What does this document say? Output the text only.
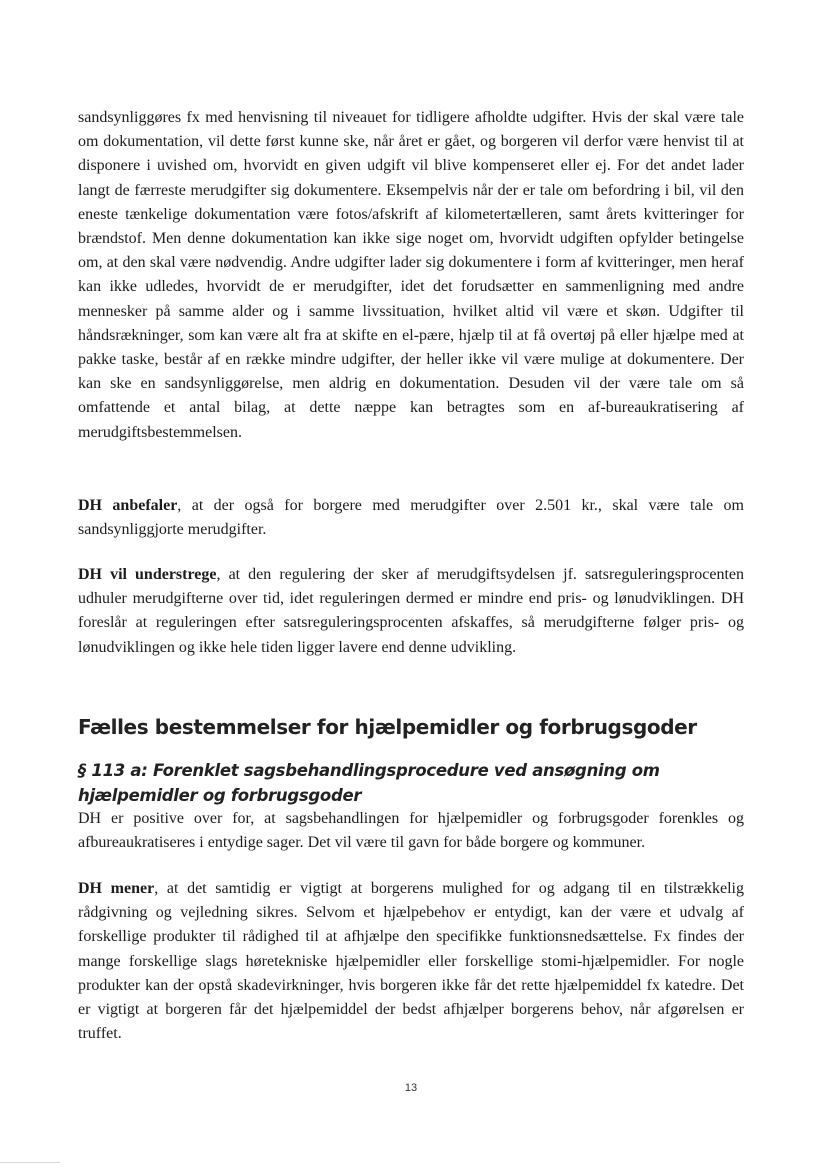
sandsynliggøres fx med henvisning til niveauet for tidligere afholdte udgifter. Hvis der skal være tale om dokumentation, vil dette først kunne ske, når året er gået, og borgeren vil derfor være henvist til at disponere i uvished om, hvorvidt en given udgift vil blive kompenseret eller ej. For det andet lader langt de færreste merudgifter sig dokumentere. Eksempelvis når der er tale om befordring i bil, vil den eneste tænkelige dokumentation være fotos/afskrift af kilometertælleren, samt årets kvitteringer for brændstof. Men denne dokumentation kan ikke sige noget om, hvorvidt udgiften opfylder betingelse om, at den skal være nødvendig. Andre udgifter lader sig dokumentere i form af kvitteringer, men heraf kan ikke udledes, hvorvidt de er merudgifter, idet det forudsætter en sammenligning med andre mennesker på samme alder og i samme livssituation, hvilket altid vil være et skøn. Udgifter til håndsrækninger, som kan være alt fra at skifte en el-pære, hjælp til at få overtøj på eller hjælpe med at pakke taske, består af en række mindre udgifter, der heller ikke vil være mulige at dokumentere. Der kan ske en sandsynliggørelse, men aldrig en dokumentation. Desuden vil der være tale om så omfattende et antal bilag, at dette næppe kan betragtes som en af-bureaukratisering af merudgiftsbestemmelsen.

DH anbefaler, at der også for borgere med merudgifter over 2.501 kr., skal være tale om sandsynliggjorte merudgifter.

DH vil understrege, at den regulering der sker af merudgiftsydelsen jf. satsreguleringsprocenten udhuler merudgifterne over tid, idet reguleringen dermed er mindre end pris- og lønudviklingen. DH foreslår at reguleringen efter satsreguleringsprocenten afskaffes, så merudgifterne følger pris- og lønudviklingen og ikke hele tiden ligger lavere end denne udvikling.

Fælles bestemmelser for hjælpemidler og forbrugsgoder
§ 113 a: Forenklet sagsbehandlingsprocedure ved ansøgning om hjælpemidler og forbrugsgoder

DH er positive over for, at sagsbehandlingen for hjælpemidler og forbrugsgoder forenkles og afbureaukratiseres i entydige sager. Det vil være til gavn for både borgere og kommuner.

DH mener, at det samtidig er vigtigt at borgerens mulighed for og adgang til en tilstrækkelig rådgivning og vejledning sikres. Selvom et hjælpebehov er entydigt, kan der være et udvalg af forskellige produkter til rådighed til at afhjælpe den specifikke funktionsnedsættelse. Fx findes der mange forskellige slags høretekniske hjælpemidler eller forskellige stomi-hjælpemidler. For nogle produkter kan der opstå skadevirkninger, hvis borgeren ikke får det rette hjælpemiddel fx katedre. Det er vigtigt at borgeren får det hjælpemiddel der bedst afhjælper borgerens behov, når afgørelsen er truffet.

13
